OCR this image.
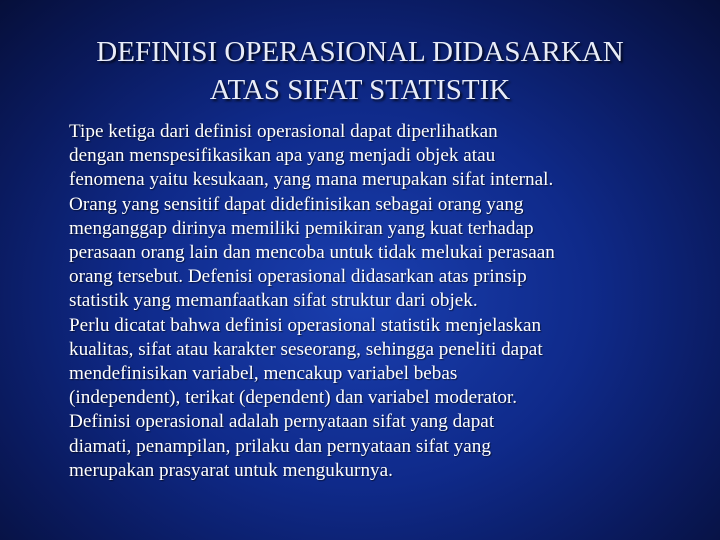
DEFINISI OPERASIONAL DIDASARKAN
ATAS SIFAT STATISTIK
Tipe ketiga dari definisi operasional dapat diperlihatkan
dengan menspesifikasikan apa yang menjadi objek atau
fenomena yaitu kesukaan, yang mana merupakan sifat internal.
Orang yang sensitif dapat didefinisikan sebagai orang yang
menganggap dirinya memiliki pemikiran yang kuat terhadap
perasaan orang lain dan mencoba untuk tidak melukai perasaan
orang tersebut. Defenisi operasional didasarkan atas prinsip
statistik yang memanfaatkan sifat struktur dari objek.
Perlu dicatat bahwa definisi operasional statistik menjelaskan
kualitas, sifat atau karakter seseorang, sehingga peneliti dapat
mendefinisikan variabel, mencakup variabel bebas
(independent), terikat (dependent) dan variabel moderator.
Definisi operasional adalah pernyataan sifat yang dapat
diamati, penampilan, prilaku dan pernyataan sifat yang
merupakan prasyarat untuk mengukurnya.
